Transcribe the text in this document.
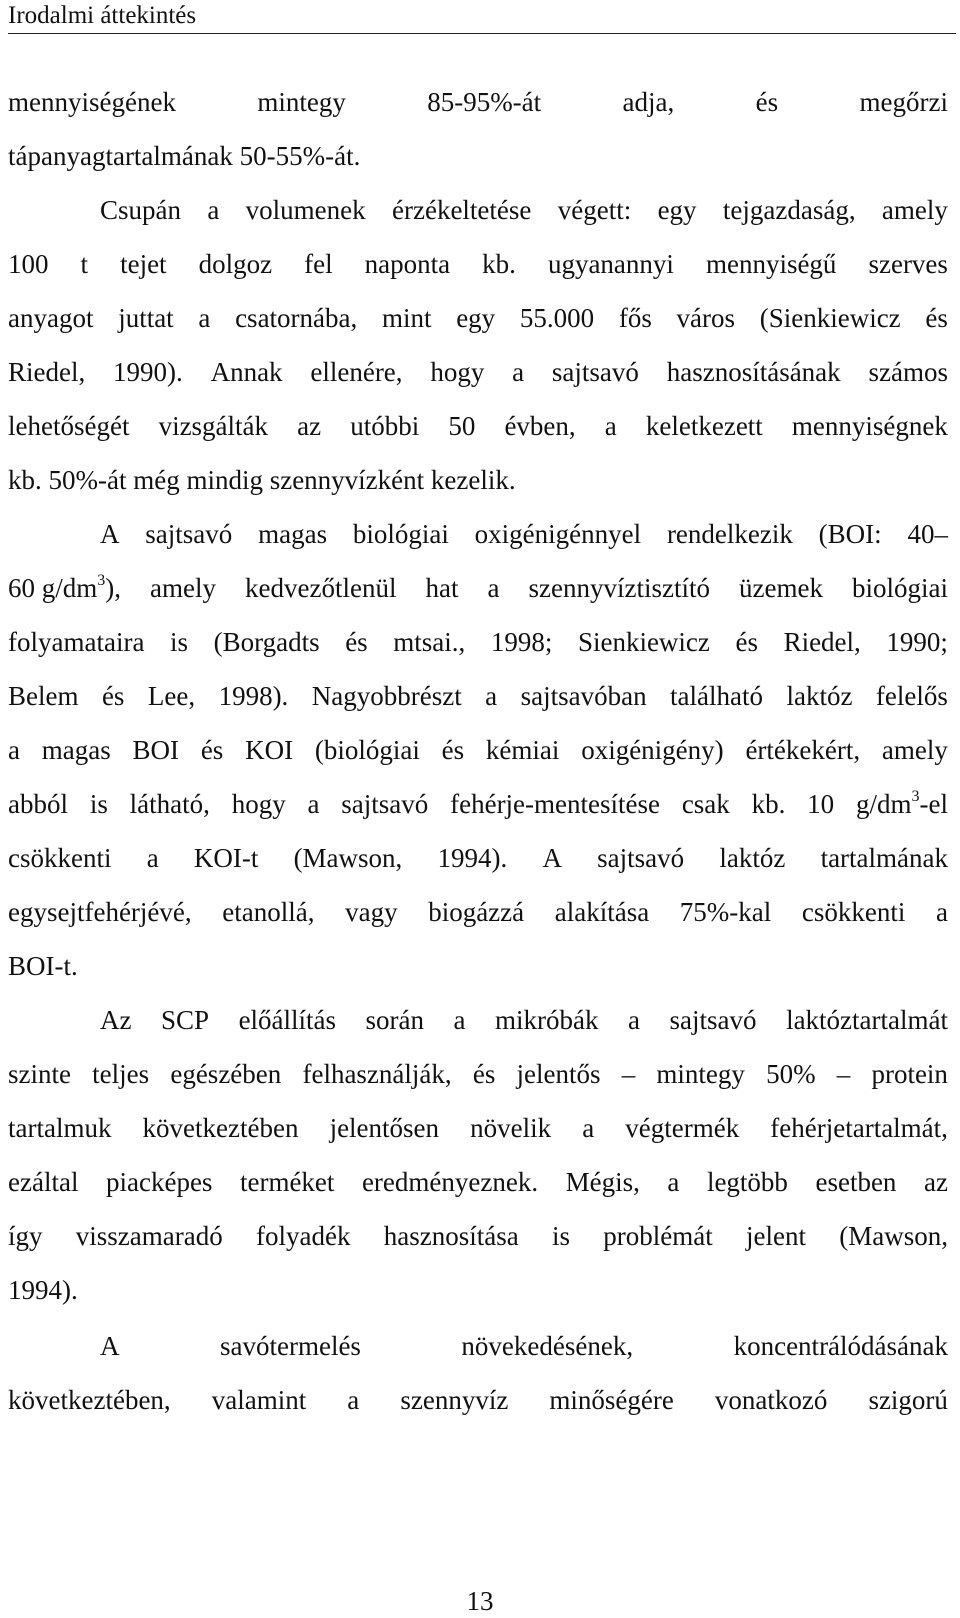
Irodalmi áttekintés
mennyiségének	mintegy	85-95%-át	adja,	és	megőrzi
tápanyagtartalmának 50-55%-át.
Csupán a volumenek érzékeltetése végett: egy tejgazdaság, amely
100 t tejet dolgoz fel naponta kb. ugyanannyi mennyiségű szerves
anyagot juttat a csatornába, mint egy 55.000 fős város (Sienkiewicz és
Riedel, 1990). Annak ellenére, hogy a sajtsavó hasznosításának számos
lehetőségét vizsgálták az utóbbi 50 évben, a keletkezett mennyiségnek
kb. 50%-át még mindig szennyvízként kezelik.
A sajtsavó magas biológiai oxigénigénnyel rendelkezik (BOI: 40–
60 $g/dm^3$), amely kedvezőtlenül hat a szennyvíztisztító üzemek biológiai
folyamataira is (Borgadts és mtsai., 1998; Sienkiewicz és Riedel, 1990;
Belem és Lee, 1998). Nagyobbrészt a sajtsavóban található laktóz felelős
a magas BOI és KOI (biológiai és kémiai oxigénigény) értékekért, amely
abból is látható, hogy a sajtsavó fehérje-mentesítése csak kb. 10 $g/dm^3-el$
csökkenti a KOI-t (Mawson, 1994). A sajtsavó laktóz tartalmának
egysejtfehérjévé, etanollá, vagy biogázzá alakítása 75%-kal csökkenti a
BOI-t.
Az SCP előállítás során a mikróbák a sajtsavó laktóztartalmát
szinte teljes egészében felhasználják, és jelentős – mintegy 50% – protein
tartalmuk következtében jelentősen növelik a végtermék fehérjetartalmát,
ezáltal piacképes terméket eredményeznek. Mégis, a legtöbb esetben az
így visszamaradó folyadék hasznosítása is problémát jelent (Mawson,
1994).
A	savótermelés	növekedésének,	koncentrálódásának
következtében, valamint a szennyvíz minőségére vonatkozó szigorú
13
